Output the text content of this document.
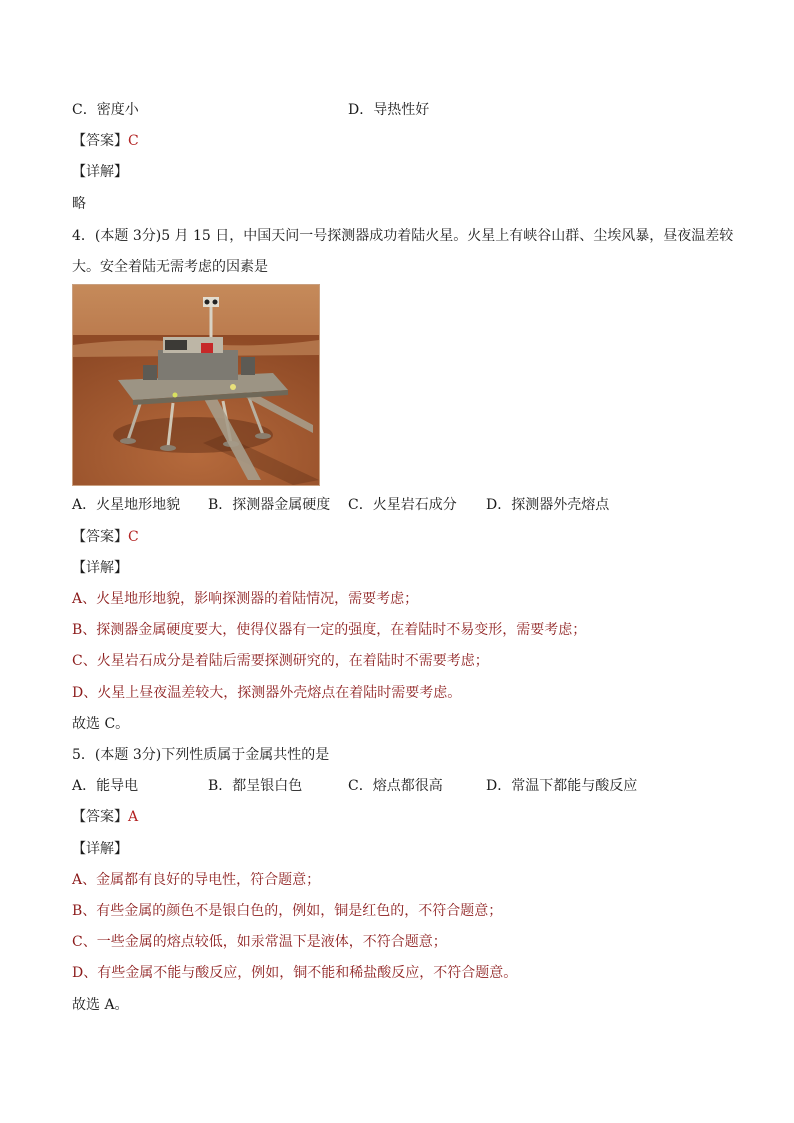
C．密度小	D．导热性好
【答案】C
【详解】
略
4．(本题 3分)5 月 15 日，中国天问一号探测器成功着陆火星。火星上有峡谷山群、尘埃风暴，昼夜温差较
大。安全着陆无需考虑的因素是
A．火星地形地貌 B．探测器金属硬度 C．火星岩石成分 D．探测器外壳熔点
【答案】C
【详解】
A、火星地形地貌，影响探测器的着陆情况，需要考虑；
B、探测器金属硬度要大，使得仪器有一定的强度，在着陆时不易变形，需要考虑；
C、火星岩石成分是着陆后需要探测研究的，在着陆时不需要考虑；
D、火星上昼夜温差较大，探测器外壳熔点在着陆时需要考虑。
故选 C。
5．(本题 3分)下列性质属于金属共性的是
A．能导电	B．都呈银白色	C．熔点都很高	D．常温下都能与酸反应
【答案】A
【详解】
A、金属都有良好的导电性，符合题意；
B、有些金属的颜色不是银白色的，例如，铜是红色的，不符合题意；
C、一些金属的熔点较低，如汞常温下是液体，不符合题意；
D、有些金属不能与酸反应，例如，铜不能和稀盐酸反应，不符合题意。
故选 A。
